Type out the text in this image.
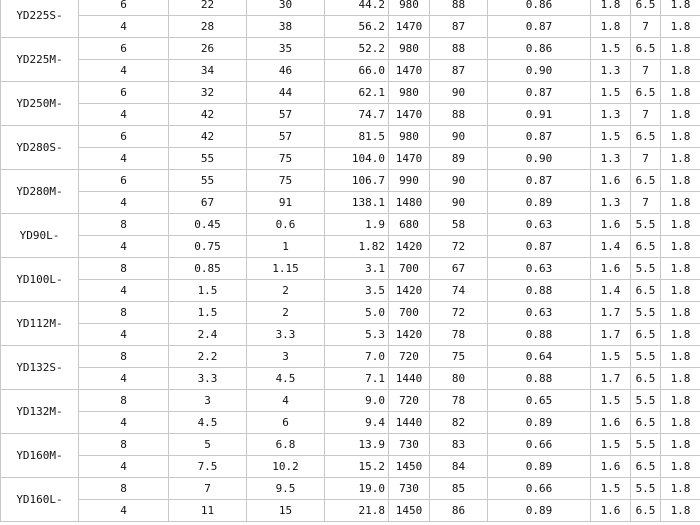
YD225S-	6	22	30	44.2	980	88	0.86	1.8	6.5	1.8
	4	28	38	56.2	1470	87	0.87	1.8	7	1.8
YD225M-	6	26	35	52.2	980	88	0.86	1.5	6.5	1.8
	4	34	46	66.0	1470	87	0.90	1.3	7	1.8
YD250M-	6	32	44	62.1	980	90	0.87	1.5	6.5	1.8
	4	42	57	74.7	1470	88	0.91	1.3	7	1.8
YD280S-	6	42	57	81.5	980	90	0.87	1.5	6.5	1.8
	4	55	75	104.0	1470	89	0.90	1.3	7	1.8
YD280M-	6	55	75	106.7	990	90	0.87	1.6	6.5	1.8
	4	67	91	138.1	1480	90	0.89	1.3	7	1.8
YD90L-	8	0.45	0.6	1.9	680	58	0.63	1.6	5.5	1.8
	4	0.75	1	1.82	1420	72	0.87	1.4	6.5	1.8
YD100L-	8	0.85	1.15	3.1	700	67	0.63	1.6	5.5	1.8
	4	1.5	2	3.5	1420	74	0.88	1.4	6.5	1.8
YD112M-	8	1.5	2	5.0	700	72	0.63	1.7	5.5	1.8
	4	2.4	3.3	5.3	1420	78	0.88	1.7	6.5	1.8
YD132S-	8	2.2	3	7.0	720	75	0.64	1.5	5.5	1.8
	4	3.3	4.5	7.1	1440	80	0.88	1.7	6.5	1.8
YD132M-	8	3	4	9.0	720	78	0.65	1.5	5.5	1.8
	4	4.5	6	9.4	1440	82	0.89	1.6	6.5	1.8
YD160M-	8	5	6.8	13.9	730	83	0.66	1.5	5.5	1.8
	4	7.5	10.2	15.2	1450	84	0.89	1.6	6.5	1.8
YD160L-	8	7	9.5	19.0	730	85	0.66	1.5	5.5	1.8
	4	11	15	21.8	1450	86	0.89	1.6	6.5	1.8
